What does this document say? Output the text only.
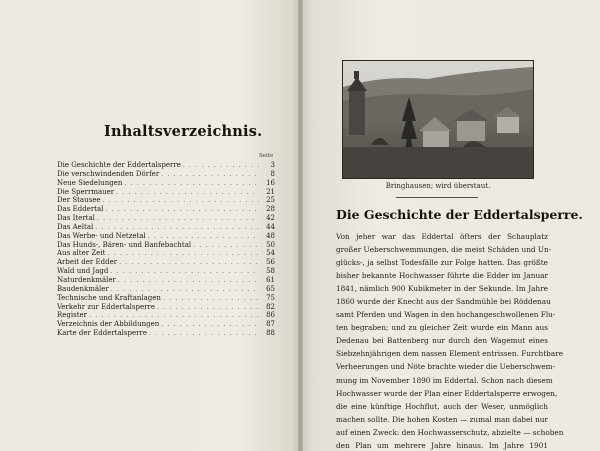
Inhaltsverzeichnis.
Seite
Die Geschichte der Eddertalsperre . . .	3
Die verschwindenden Dörfer . . .	8
Neue Siedelungen . . .	16
Die Sperrmauer . . .	21
Der Stausee . . .	25
Das Eddertal . . .	28
Das Itertal . . .	42
Das Aeltal . . .	44
Das Werbe- und Netzetal . . .	48
Das Hunds-, Bären- und Banfebachtal . . .	50
Aus alter Zeit . . .	54
Arbeit der Edder . . .	56
Wald und Jagd . . .	58
Naturdenkmäler . . .	61
Baudenkmäler . . .	65
Technische und Kraftanlagen . . .	75
Verkehr zur Eddertalsperre . . .	82
Register . . .	86
Verzeichnis der Abbildungen . . .	87
Karte der Eddertalsperre . . .	88
Bringhausen; wird überstaut.
Die Geschichte der Eddertalsperre.
Von jeher war das Eddertal öfters der Schauplatz
großer Ueberschwemmungen, die meist Schäden und Un-
glücks-, ja selbst Todesfälle zur Folge hatten. Das größte
bisher bekannte Hochwasser führte die Edder im Januar
1841, nämlich 900 Kubikmeter in der Sekunde. Im Jahre
1860 wurde der Knecht aus der Sandmühle bei Röddenau
samt Pferden und Wagen in den hochangeschwollenen Flu-
ten begraben; und zu gleicher Zeit wurde ein Mann aus
Dedenau bei Battenberg nur durch den Wagemut eines
Siebzehnjährigen dem nassen Element entrissen. Furchtbare
Verheerungen und Nöte brachte wieder die Ueberschwem-
mung im November 1890 im Eddertal. Schon nach diesem
Hochwasser wurde der Plan einer Eddertalsperre erwogen,
die eine künftige Hochflut, auch der Weser, unmöglich
machen sollte. Die hohen Kosten — zumal man dabei nur
auf einen Zweck: den Hochwasserschutz, abzielte — schoben
den Plan um mehrere Jahre hinaus. Im Jahre 1901
